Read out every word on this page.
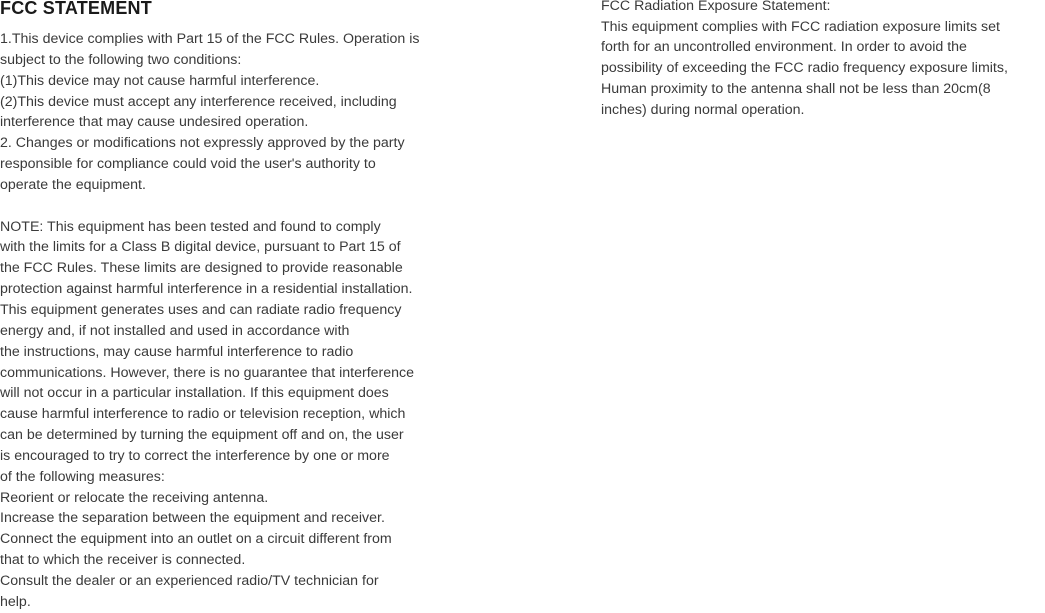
FCC STATEMENT
1.This device complies with Part 15 of the FCC Rules. Operation is
subject to the following two conditions:
(1)This device may not cause harmful interference.
(2)This device must accept any interference received, including
interference that may cause undesired operation.
2. Changes or modifications not expressly approved by the party
responsible for compliance could void the user's authority to
operate the equipment.
NOTE: This equipment has been tested and found to comply
with the limits for a Class B digital device, pursuant to Part 15 of
the FCC Rules. These limits are designed to provide reasonable
protection against harmful interference in a residential installation.
This equipment generates uses and can radiate radio frequency
energy and, if not installed and used in accordance with
the instructions, may cause harmful interference to radio
communications. However, there is no guarantee that interference
will not occur in a particular installation. If this equipment does
cause harmful interference to radio or television reception, which
can be determined by turning the equipment off and on, the user
is encouraged to try to correct the interference by one or more
of the following measures:
Reorient or relocate the receiving antenna.
Increase the separation between the equipment and receiver.
Connect the equipment into an outlet on a circuit different from
that to which the receiver is connected.
Consult the dealer or an experienced radio/TV technician for
help.
FCC Radiation Exposure Statement:
This equipment complies with FCC radiation exposure limits set
forth for an uncontrolled environment. In order to avoid the
possibility of exceeding the FCC radio frequency exposure limits,
Human proximity to the antenna shall not be less than 20cm(8
inches) during normal operation.
